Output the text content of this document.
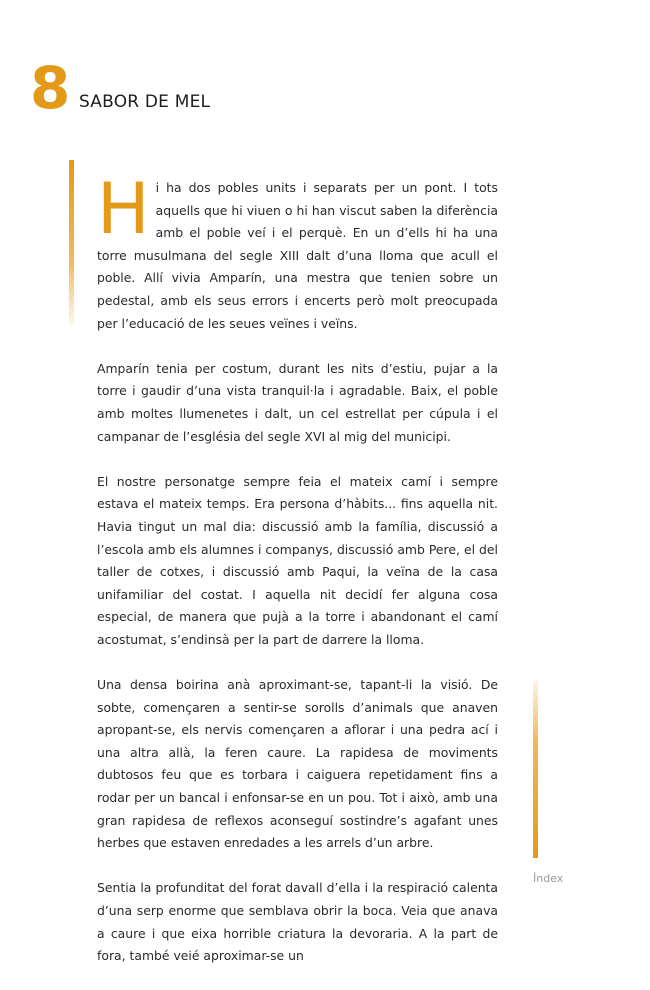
8 SABOR DE MEL

Hi ha dos pobles units i separats per un pont. I tots aquells que hi viuen o hi han viscut saben la diferència amb el poble veí i el perquè. En un d’ells hi ha una torre musulmana del segle XIII dalt d’una lloma que acull el poble. Allí vivia Amparín, una mestra que tenien sobre un pedestal, amb els seus errors i encerts però molt preocupada per l’educació de les seues veïnes i veïns.

Amparín tenia per costum, durant les nits d’estiu, pujar a la torre i gaudir d’una vista tranquil·la i agradable. Baix, el poble amb moltes llumenetes i dalt, un cel estrellat per cúpula i el campanar de l’església del segle XVI al mig del municipi.

El nostre personatge sempre feia el mateix camí i sempre estava el mateix temps. Era persona d’hàbits... fins aquella nit. Havia tingut un mal dia: discussió amb la família, discussió a l’escola amb els alumnes i companys, discussió amb Pere, el del taller de cotxes, i discussió amb Paqui, la veïna de la casa unifamiliar del costat. I aquella nit decidí fer alguna cosa especial, de manera que pujà a la torre i abandonant el camí acostumat, s’endinsà per la part de darrere la lloma.

Una densa boirina anà aproximant-se, tapant-li la visió. De sobte, començaren a sentir-se sorolls d’animals que anaven apropant-se, els nervis començaren a aflorar i una pedra ací i una altra allà, la feren caure. La rapidesa de moviments dubtosos feu que es torbara i caiguera repetidament fins a rodar per un bancal i enfonsar-se en un pou. Tot i això, amb una gran rapidesa de reflexos aconseguí sostindre’s agafant unes herbes que estaven enredades a les arrels d’un arbre.

Sentia la profunditat del forat davall d’ella i la respiració calenta d’una serp enorme que semblava obrir la boca. Veia que anava a caure i que eixa horrible criatura la devoraria. A la part de fora, també veié aproximar-se un

Índex
